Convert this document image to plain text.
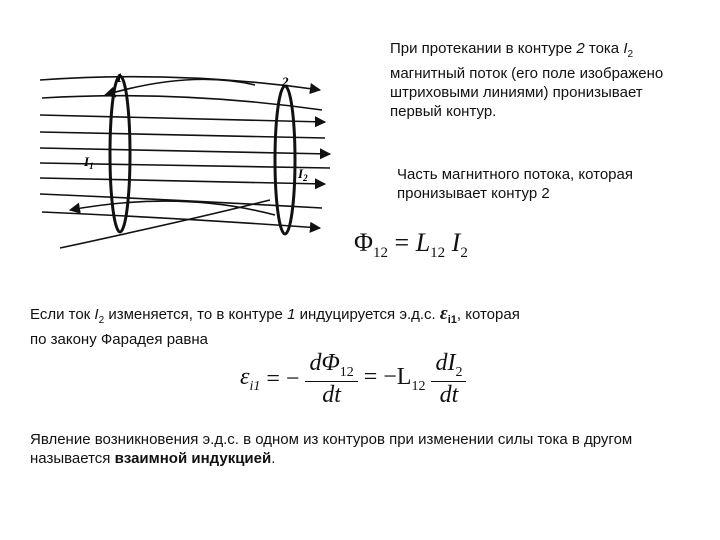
1	2
$I_1$	$I_2$
При протекании в контуре 2 тока $I_2$ магнитный поток (его поле изображено штриховыми линиями) пронизывает первый контур.
Часть магнитного потока, которая пронизывает контур 2
$\Phi_{12} = L_{12}$ $I_2$
Если ток $I_2$ изменяется, то в контуре 1 индуцируется э.д.с. $\varepsilon_{i1}$, которая
по закону Фарадея равна
$\varepsilon_{i1}$ = − $\frac{d\Phi_{12}}{dt} = -L_{12}$
$dI_2$
dt
Явление возникновения э.д.с. в одном из контуров при изменении силы тока в другом называется взаимной индукцией.
